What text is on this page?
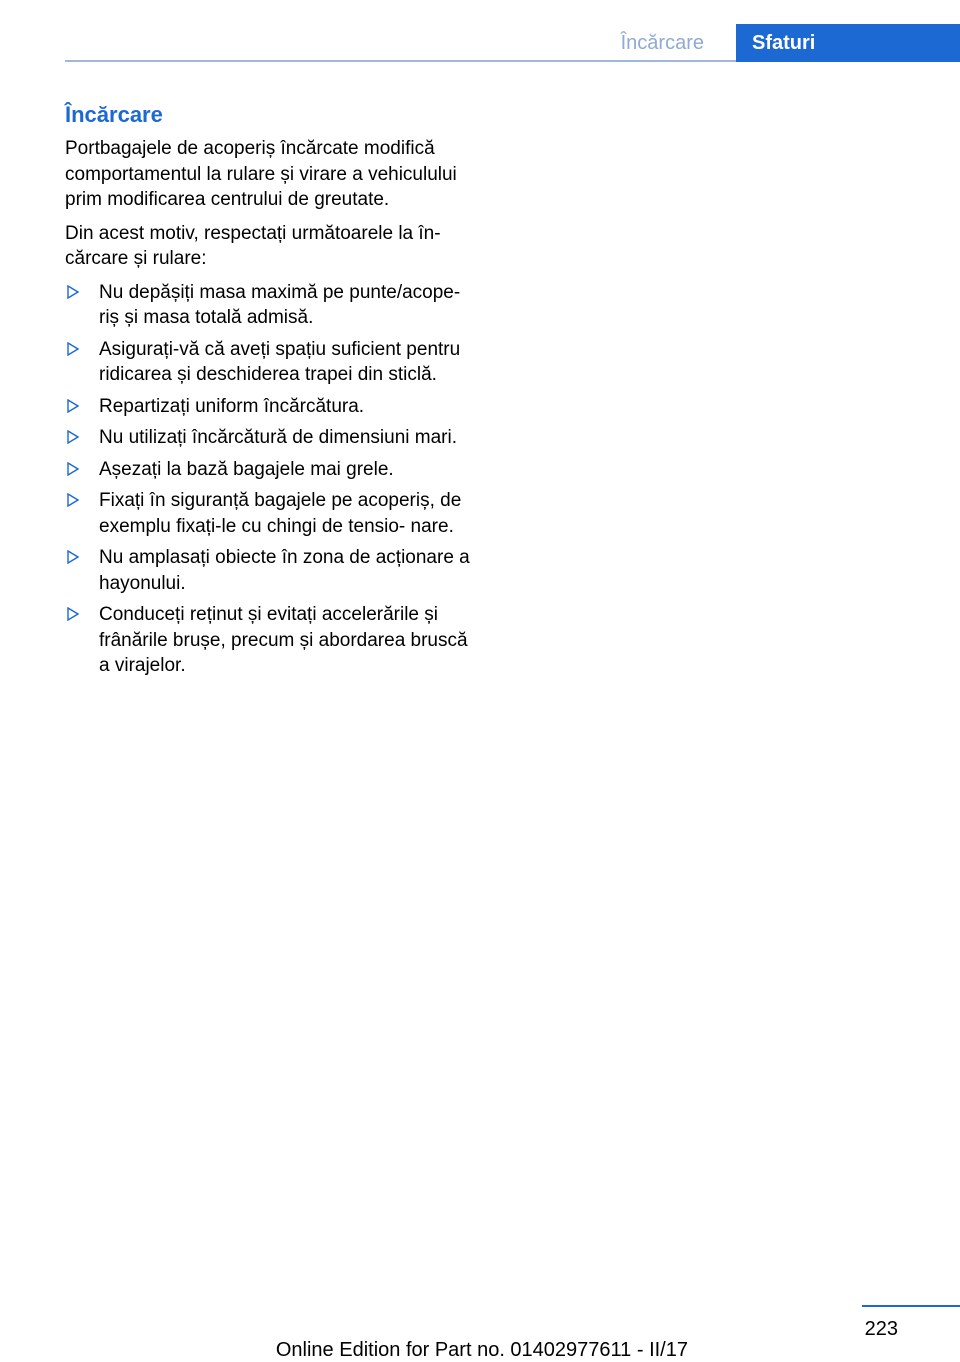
Încărcare	Sfaturi
Încărcare

Portbagajele de acoperiș încărcate modifică comportamentul la rulare și virare a vehiculului prim modificarea centrului de greutate.

Din acest motiv, respectați următoarele la în‐ cărcare și rulare:

Nu depășiți masa maximă pe punte/acope‐ riș și masa totală admisă.
Asigurați-vă că aveți spațiu suficient pentru ridicarea și deschiderea trapei din sticlă.
Repartizați uniform încărcătura.
Nu utilizați încărcătură de dimensiuni mari.
Așezați la bază bagajele mai grele.
Fixați în siguranță bagajele pe acoperiș, de exemplu fixați-le cu chingi de tensio‐ nare.
Nu amplasați obiecte în zona de acționare a hayonului.
Conduceți reținut și evitați accelerările și frânările brușe, precum și abordarea bruscă a virajelor.
223
Online Edition for Part no. 01402977611 - II/17
